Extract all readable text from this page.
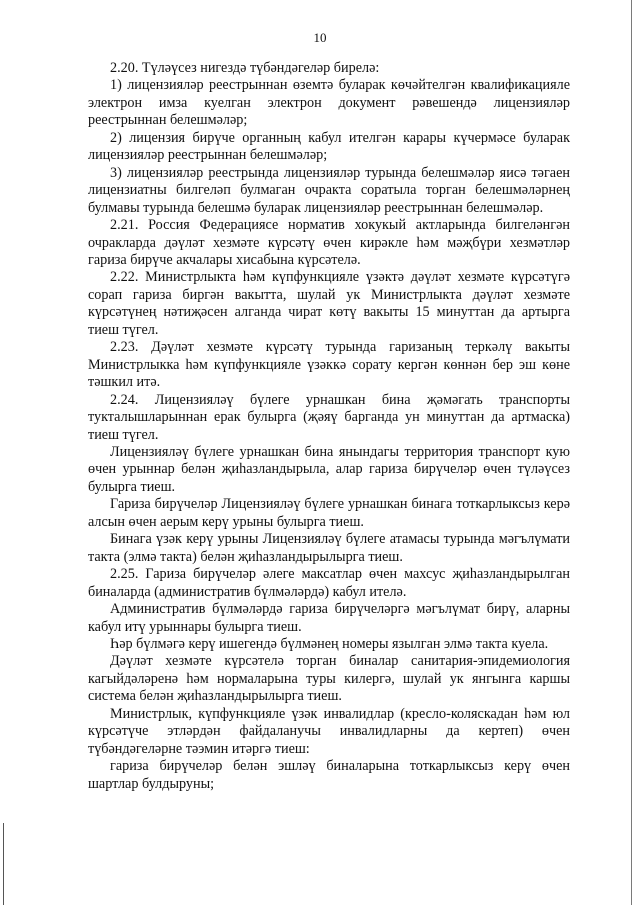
10

2.20. Түләүсез нигездә түбәндәгеләр бирелә:

1) лицензияләр реестрыннан өземтә буларак көчәйтелгән квалификацияле электрон имза куелган электрон документ рәвешендә лицензияләр реестрыннан белешмәләр;

2) лицензия бирүче органның кабул ителгән карары күчермәсе буларак лицензияләр реестрыннан белешмәләр;

3) лицензияләр реестрында лицензияләр турында белешмәләр яисә тәгаен лицензиатны билгеләп булмаган очракта соратыла торган белешмәләрнең булмавы турында белешмә буларак лицензияләр реестрыннан белешмәләр.

2.21. Россия Федерациясе норматив хокукый актларында билгеләнгән очракларда дәүләт хезмәте күрсәтү өчен кирәкле һәм мәҗбүри хезмәтләр гариза бирүче акчалары хисабына күрсәтелә.

2.22. Министрлыкта һәм күпфункцияле үзәктә дәүләт хезмәте күрсәтүгә сорап гариза биргән вакытта, шулай ук Министрлыкта дәүләт хезмәте күрсәтүнең нәтиҗәсен алганда чират көтү вакыты 15 минуттан да артырга тиеш түгел.

2.23. Дәүләт хезмәте күрсәтү турында гаризаның теркәлү вакыты Министрлыкка һәм күпфункцияле үзәккә сорату кергән көннән бер эш көне тәшкил итә.

2.24. Лицензияләү бүлеге урнашкан бина җәмәгать транспорты тукталышларыннан ерак булырга (җәяү барганда ун минуттан да артмаска) тиеш түгел.

Лицензияләү бүлеге урнашкан бина янындагы территория транспорт кую өчен урыннар белән җиһазландырыла, алар гариза бирүчеләр өчен түләүсез булырга тиеш.

Гариза бирүчеләр Лицензияләү бүлеге урнашкан бинага тоткарлыксыз керә алсын өчен аерым керү урыны булырга тиеш.

Бинага үзәк керү урыны Лицензияләү бүлеге атамасы турында мәгълүмати такта (элмә такта) белән җиһазландырылырга тиеш.

2.25. Гариза бирүчеләр әлеге максатлар өчен махсус җиһазландырылган биналарда (административ бүлмәләрдә) кабул ителә.

Административ бүлмәләрдә гариза бирүчеләргә мәгълүмат бирү, аларны кабул итү урыннары булырга тиеш.

Һәр бүлмәгә керү ишегендә бүлмәнең номеры язылган элмә такта куела.

Дәүләт хезмәте күрсәтелә торган биналар санитария-эпидемиология кагыйдәләренә һәм нормаларына туры килергә, шулай ук янгынга каршы система белән җиһазландырылырга тиеш.

Министрлык, күпфункцияле үзәк инвалидлар (кресло-коляскадан һәм юл күрсәтүче этләрдән файдаланучы инвалидларны да кертеп) өчен түбәндәгеләрне тәэмин итәргә тиеш:

гариза бирүчеләр белән эшләү биналарына тоткарлыксыз керү өчен шартлар булдыруны;
